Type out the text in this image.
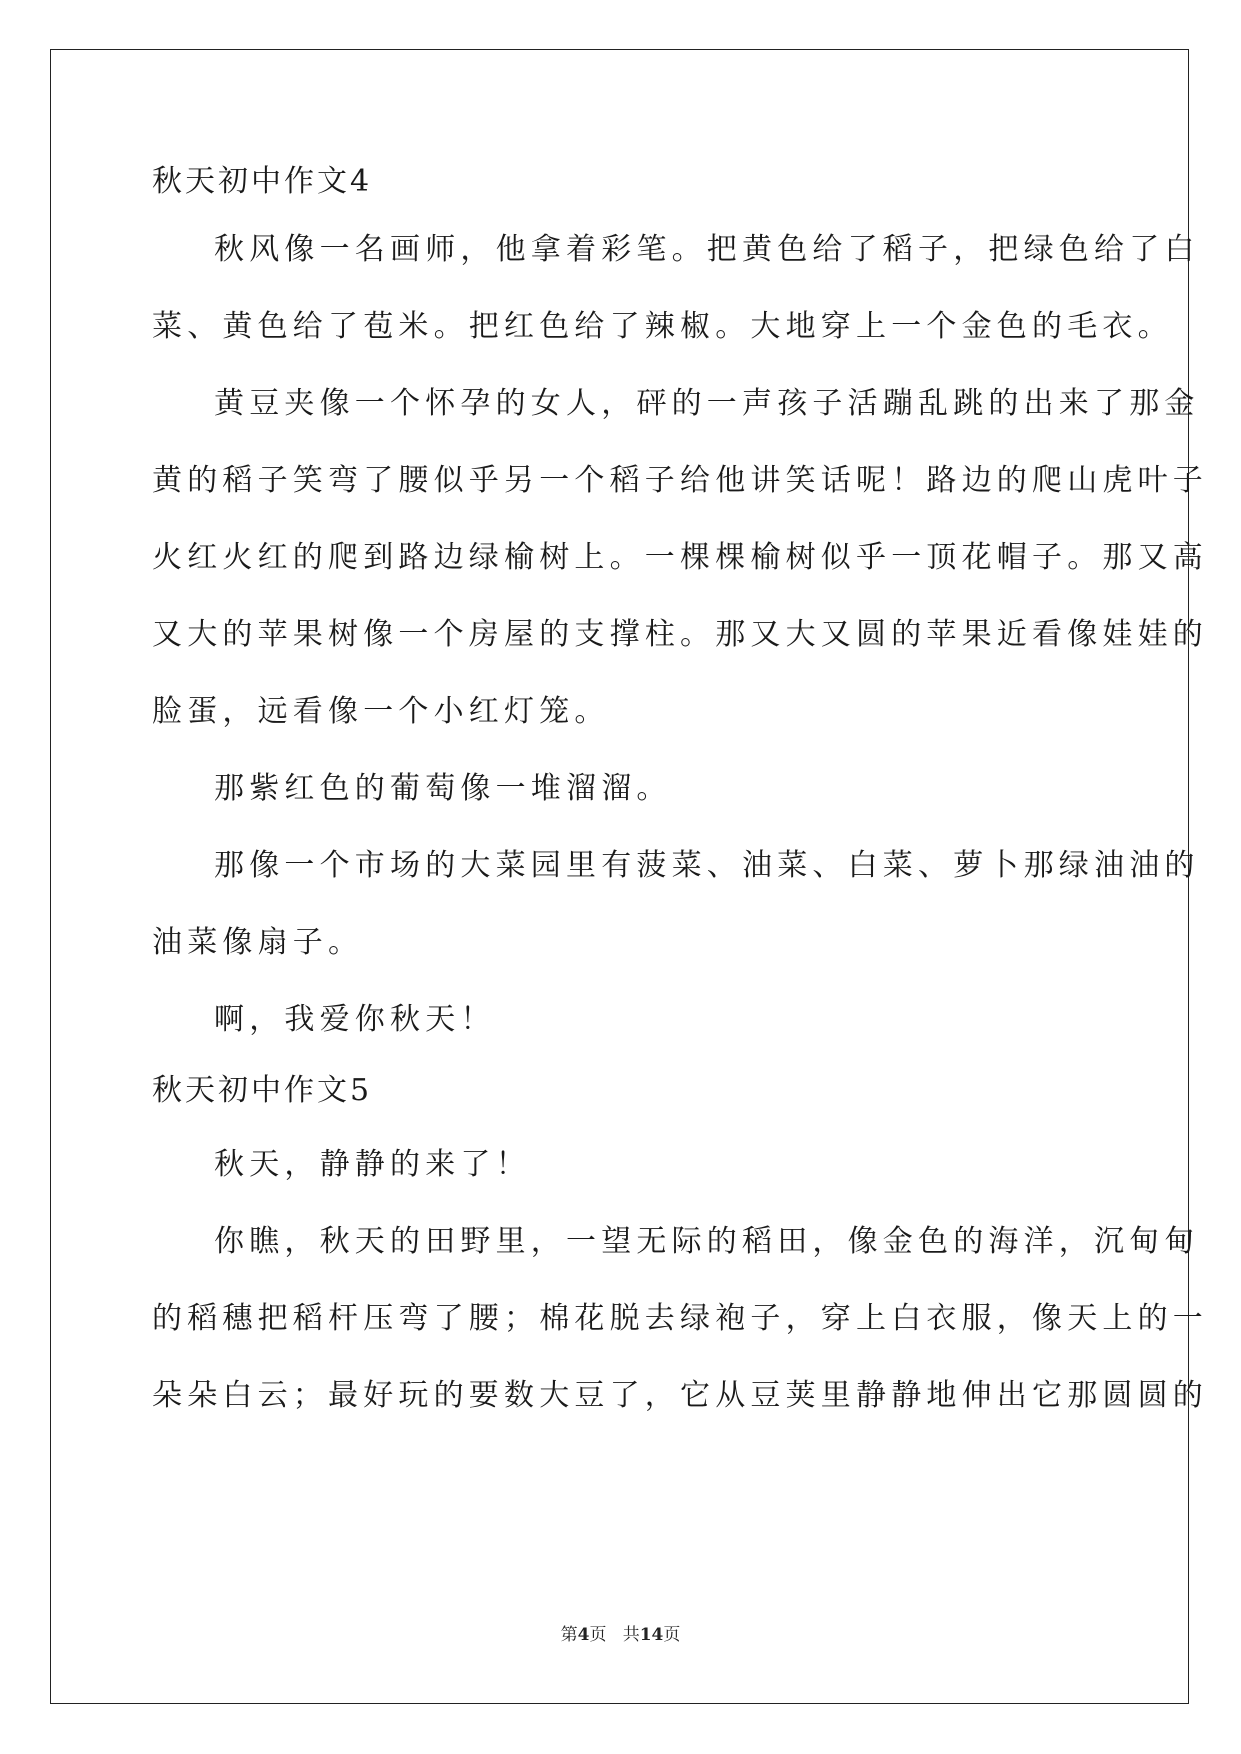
秋天初中作文4
秋风像一名画师，他拿着彩笔。把黄色给了稻子，把绿色给了白
菜、黄色给了苞米。把红色给了辣椒。大地穿上一个金色的毛衣。
黄豆夹像一个怀孕的女人，砰的一声孩子活蹦乱跳的出来了那金
黄的稻子笑弯了腰似乎另一个稻子给他讲笑话呢！路边的爬山虎叶子
火红火红的爬到路边绿榆树上。一棵棵榆树似乎一顶花帽子。那又高
又大的苹果树像一个房屋的支撑柱。那又大又圆的苹果近看像娃娃的
脸蛋，远看像一个小红灯笼。
那紫红色的葡萄像一堆溜溜。
那像一个市场的大菜园里有菠菜、油菜、白菜、萝卜那绿油油的
油菜像扇子。
啊，我爱你秋天！
秋天初中作文5
秋天，静静的来了！
你瞧，秋天的田野里，一望无际的稻田，像金色的海洋，沉甸甸
的稻穗把稻杆压弯了腰；棉花脱去绿袍子，穿上白衣服，像天上的一
朵朵白云；最好玩的要数大豆了，它从豆荚里静静地伸出它那圆圆的
第4页 共14页
